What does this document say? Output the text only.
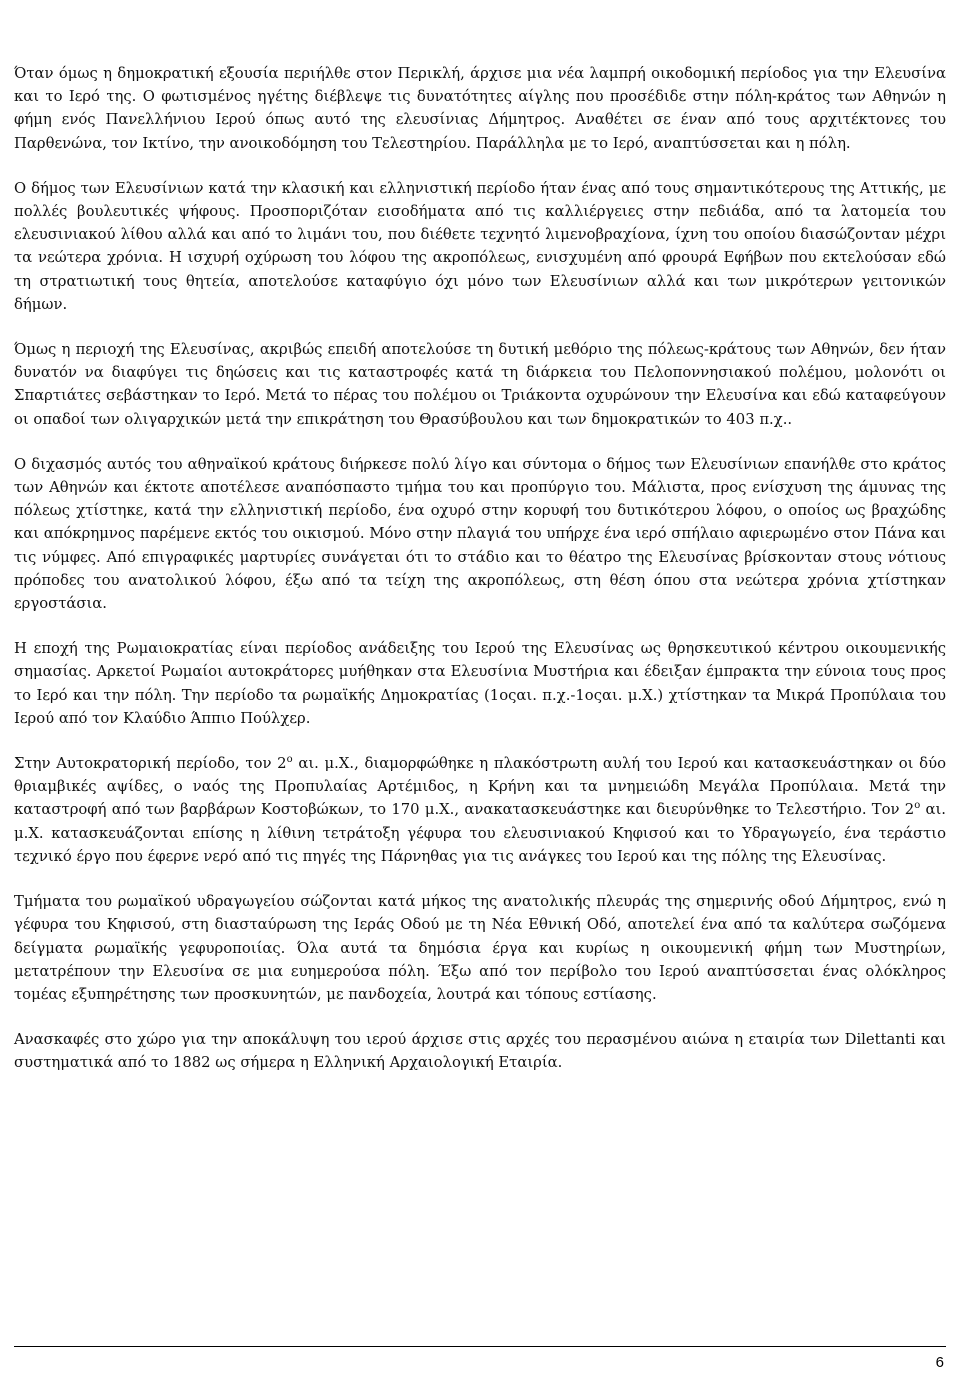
Όταν όμως η δημοκρατική εξουσία περιήλθε στον Περικλή, άρχισε μια νέα λαμπρή οικοδομική περίοδος για την Ελευσίνα και το Ιερό της. Ο φωτισμένος ηγέτης διέβλεψε τις δυνατότητες αίγλης που προσέδιδε στην πόλη-κράτος των Αθηνών η φήμη ενός Πανελλήνιου Ιερού όπως αυτό της ελευσίνιας Δήμητρος. Αναθέτει σε έναν από τους αρχιτέκτονες του Παρθενώνα, τον Ικτίνο, την ανοικοδόμηση του Τελεστηρίου. Παράλληλα με το Ιερό, αναπτύσσεται και η πόλη.

Ο δήμος των Ελευσίνιων κατά την κλασική και ελληνιστική περίοδο ήταν ένας από τους σημαντικότερους της Αττικής, με πολλές βουλευτικές ψήφους. Προσποριζόταν εισοδήματα από τις καλλιέργειες στην πεδιάδα, από τα λατομεία του ελευσινιακού λίθου αλλά και από το λιμάνι του, που διέθετε τεχνητό λιμενοβραχίονα, ίχνη του οποίου διασώζονταν μέχρι τα νεώτερα χρόνια. Η ισχυρή οχύρωση του λόφου της ακροπόλεως, ενισχυμένη από φρουρά Εφήβων που εκτελούσαν εδώ τη στρατιωτική τους θητεία, αποτελούσε καταφύγιο όχι μόνο των Ελευσίνιων αλλά και των μικρότερων γειτονικών δήμων.

Όμως η περιοχή της Ελευσίνας, ακριβώς επειδή αποτελούσε τη δυτική μεθόριο της πόλεως-κράτους των Αθηνών, δεν ήταν δυνατόν να διαφύγει τις δηώσεις και τις καταστροφές κατά τη διάρκεια του Πελοποννησιακού πολέμου, μολονότι οι Σπαρτιάτες σεβάστηκαν το Ιερό. Μετά το πέρας του πολέμου οι Τριάκοντα οχυρώνουν την Ελευσίνα και εδώ καταφεύγουν οι οπαδοί των ολιγαρχικών μετά την επικράτηση του Θρασύβουλου και των δημοκρατικών το 403 π.χ..

Ο διχασμός αυτός του αθηναϊκού κράτους διήρκεσε πολύ λίγο και σύντομα ο δήμος των Ελευσίνιων επανήλθε στο κράτος των Αθηνών και έκτοτε αποτέλεσε αναπόσπαστο τμήμα του και προπύργιο του. Μάλιστα, προς ενίσχυση της άμυνας της πόλεως χτίστηκε, κατά την ελληνιστική περίοδο, ένα οχυρό στην κορυφή του δυτικότερου λόφου, ο οποίος ως βραχώδης και απόκρημνος παρέμενε εκτός του οικισμού. Μόνο στην πλαγιά του υπήρχε ένα ιερό σπήλαιο αφιερωμένο στον Πάνα και τις νύμφες. Από επιγραφικές μαρτυρίες συνάγεται ότι το στάδιο και το θέατρο της Ελευσίνας βρίσκονταν στους νότιους πρόποδες του ανατολικού λόφου, έξω από τα τείχη της ακροπόλεως, στη θέση όπου στα νεώτερα χρόνια χτίστηκαν εργοστάσια.

Η εποχή της Ρωμαιοκρατίας είναι περίοδος ανάδειξης του Ιερού της Ελευσίνας ως θρησκευτικού κέντρου οικουμενικής σημασίας. Αρκετοί Ρωμαίοι αυτοκράτορες μυήθηκαν στα Ελευσίνια Μυστήρια και έδειξαν έμπρακτα την εύνοια τους προς το Ιερό και την πόλη. Την περίοδο τα ρωμαϊκής Δημοκρατίας (1οςαι. π.χ.-1οςαι. μ.Χ.) χτίστηκαν τα Μικρά Προπύλαια του Ιερού από τον Κλαύδιο Άππιο Πούλχερ.

Στην Αυτοκρατορική περίοδο, τον $2^o$ αι. μ.Χ., διαμορφώθηκε η πλακόστρωτη αυλή του Ιερού και κατασκευάστηκαν οι δύο θριαμβικές αψίδες, ο ναός της Προπυλαίας Αρτέμιδος, η Κρήνη και τα μνημειώδη Μεγάλα Προπύλαια. Μετά την καταστροφή από των βαρβάρων Κοστοβώκων, το 170 μ.Χ., ανακατασκευάστηκε και διευρύνθηκε το Τελεστήριο. Τον $2^o$ αι. μ.Χ. κατασκευάζονται επίσης η λίθινη τετράτοξη γέφυρα του ελευσινιακού Κηφισού και το Υδραγωγείο, ένα τεράστιο τεχνικό έργο που έφερνε νερό από τις πηγές της Πάρνηθας για τις ανάγκες του Ιερού και της πόλης της Ελευσίνας.

Τμήματα του ρωμαϊκού υδραγωγείου σώζονται κατά μήκος της ανατολικής πλευράς της σημερινής οδού Δήμητρος, ενώ η γέφυρα του Κηφισού, στη διασταύρωση της Ιεράς Οδού με τη Νέα Εθνική Οδό, αποτελεί ένα από τα καλύτερα σωζόμενα δείγματα ρωμαϊκής γεφυροποιίας. Όλα αυτά τα δημόσια έργα και κυρίως η οικουμενική φήμη των Μυστηρίων, μετατρέπουν την Ελευσίνα σε μια ευημερούσα πόλη. Έξω από τον περίβολο του Ιερού αναπτύσσεται ένας ολόκληρος τομέας εξυπηρέτησης των προσκυνητών, με πανδοχεία, λουτρά και τόπους εστίασης.

Ανασκαφές στο χώρο για την αποκάλυψη του ιερού άρχισε στις αρχές του περασμένου αιώνα η εταιρία των Dilettanti και συστηματικά από το 1882 ως σήμερα η Ελληνική Αρχαιολογική Εταιρία.

6
